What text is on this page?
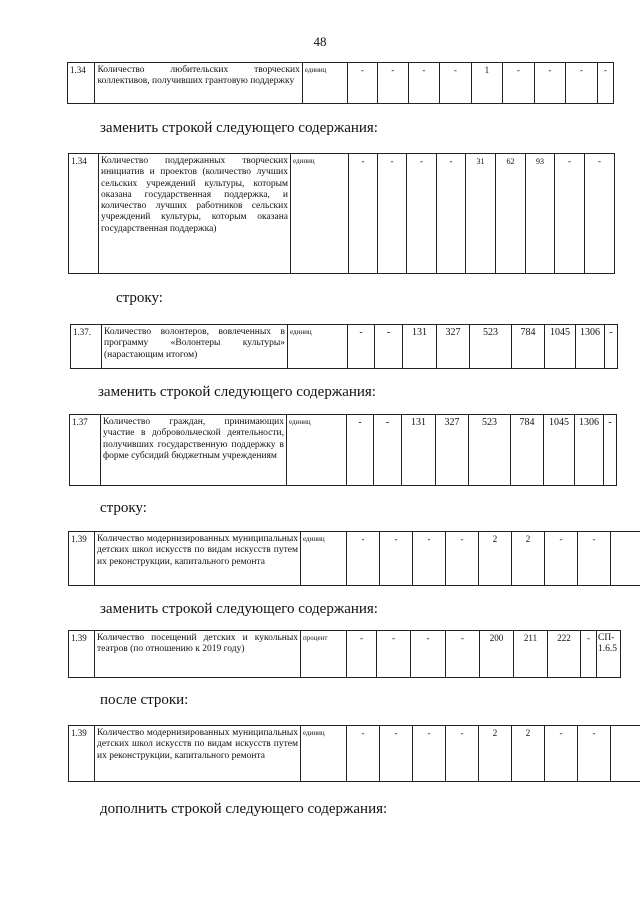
48
1.34	Количество любительских творческих коллективов, получивших грантовую поддержку	единиц	-	-	-	-	1	-	-	-	-
заменить строкой следующего содержания:
1.34	Количество поддержанных творческих инициатив и проектов (количество лучших сельских учреждений культуры, которым оказана государственная поддержка, и количество лучших работников сельских учреждений культуры, которым оказана государственная поддержка)	единиц	-	-	-	-	31	62	93	-	-
строку:
1.37.	Количество волонтеров, вовлеченных в программу «Волонтеры культуры» (нарастающим итогом)	единиц	-	-	131	327	523	784	1045	1306	-
заменить строкой следующего содержания:
1.37	Количество граждан, принимающих участие в добровольческой деятельности, получивших государственную поддержку в форме субсидий бюджетным учреждениям	единиц	-	-	131	327	523	784	1045	1306	-
строку:
1.39	Количество модернизированных муниципальных детских школ искусств по видам искусств путем их реконструкции, капитального ремонта	единиц	-	-	-	-	2	2	-	-	
заменить строкой следующего содержания:
1.39	Количество посещений детских и кукольных театров (по отношению к 2019 году)	процент	-	-	-	-	200	211	222	-	СП-1.6.5
после строки:
1.39	Количество модернизированных муниципальных детских школ искусств по видам искусств путем их реконструкции, капитального ремонта	единиц	-	-	-	-	2	2	-	-	
дополнить строкой следующего содержания:
